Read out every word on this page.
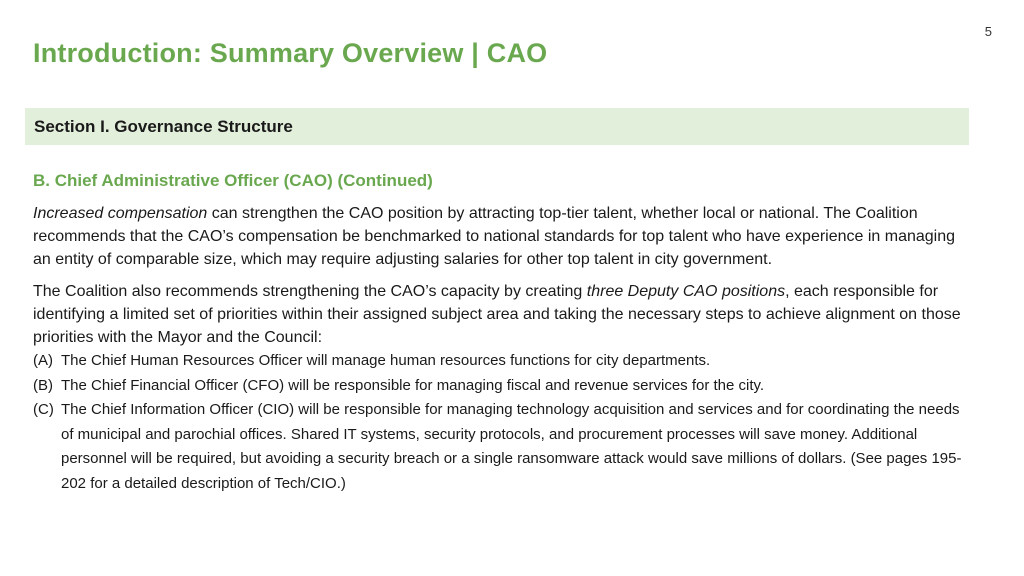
5
Introduction: Summary Overview | CAO
Section I. Governance Structure
B. Chief Administrative Officer (CAO) (Continued)

Increased compensation can strengthen the CAO position by attracting top-tier talent, whether local or national. The Coalition recommends that the CAO’s compensation be benchmarked to national standards for top talent who have experience in managing an entity of comparable size, which may require adjusting salaries for other top talent in city government.

The Coalition also recommends strengthening the CAO’s capacity by creating three Deputy CAO positions, each responsible for identifying a limited set of priorities within their assigned subject area and taking the necessary steps to achieve alignment on those priorities with the Mayor and the Council:

(A) The Chief Human Resources Officer will manage human resources functions for city departments.
(B) The Chief Financial Officer (CFO) will be responsible for managing fiscal and revenue services for the city.
(C) The Chief Information Officer (CIO) will be responsible for managing technology acquisition and services and for coordinating the needs of municipal and parochial offices. Shared IT systems, security protocols, and procurement processes will save money. Additional personnel will be required, but avoiding a security breach or a single ransomware attack would save millions of dollars. (See pages 195-202 for a detailed description of Tech/CIO.)
